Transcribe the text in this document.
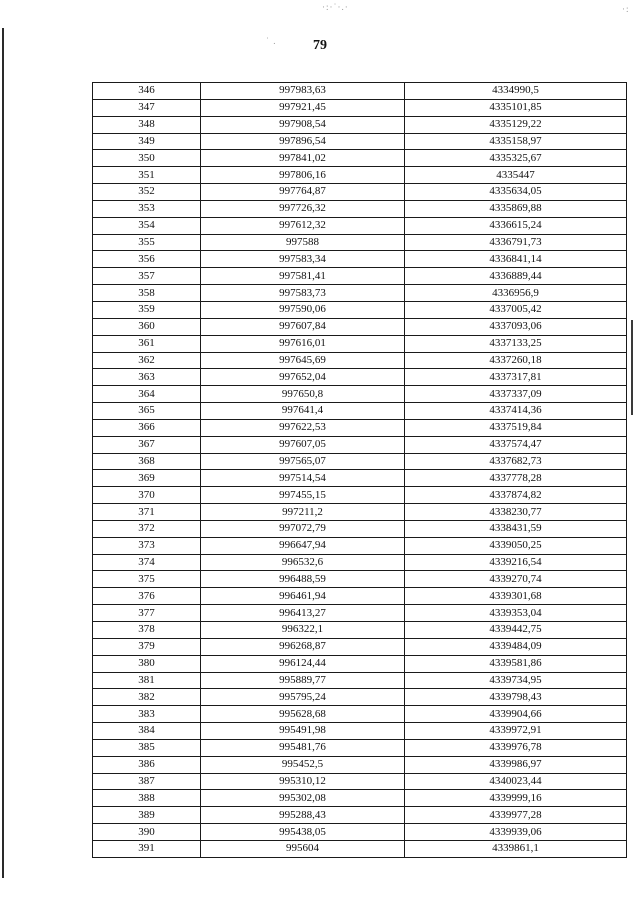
·:·˙·.·
˙ .
·:
79
346	997983,63	4334990,5
347	997921,45	4335101,85
348	997908,54	4335129,22
349	997896,54	4335158,97
350	997841,02	4335325,67
351	997806,16	4335447
352	997764,87	4335634,05
353	997726,32	4335869,88
354	997612,32	4336615,24
355	997588	4336791,73
356	997583,34	4336841,14
357	997581,41	4336889,44
358	997583,73	4336956,9
359	997590,06	4337005,42
360	997607,84	4337093,06
361	997616,01	4337133,25
362	997645,69	4337260,18
363	997652,04	4337317,81
364	997650,8	4337337,09
365	997641,4	4337414,36
366	997622,53	4337519,84
367	997607,05	4337574,47
368	997565,07	4337682,73
369	997514,54	4337778,28
370	997455,15	4337874,82
371	997211,2	4338230,77
372	997072,79	4338431,59
373	996647,94	4339050,25
374	996532,6	4339216,54
375	996488,59	4339270,74
376	996461,94	4339301,68
377	996413,27	4339353,04
378	996322,1	4339442,75
379	996268,87	4339484,09
380	996124,44	4339581,86
381	995889,77	4339734,95
382	995795,24	4339798,43
383	995628,68	4339904,66
384	995491,98	4339972,91
385	995481,76	4339976,78
386	995452,5	4339986,97
387	995310,12	4340023,44
388	995302,08	4339999,16
389	995288,43	4339977,28
390	995438,05	4339939,06
391	995604	4339861,1
